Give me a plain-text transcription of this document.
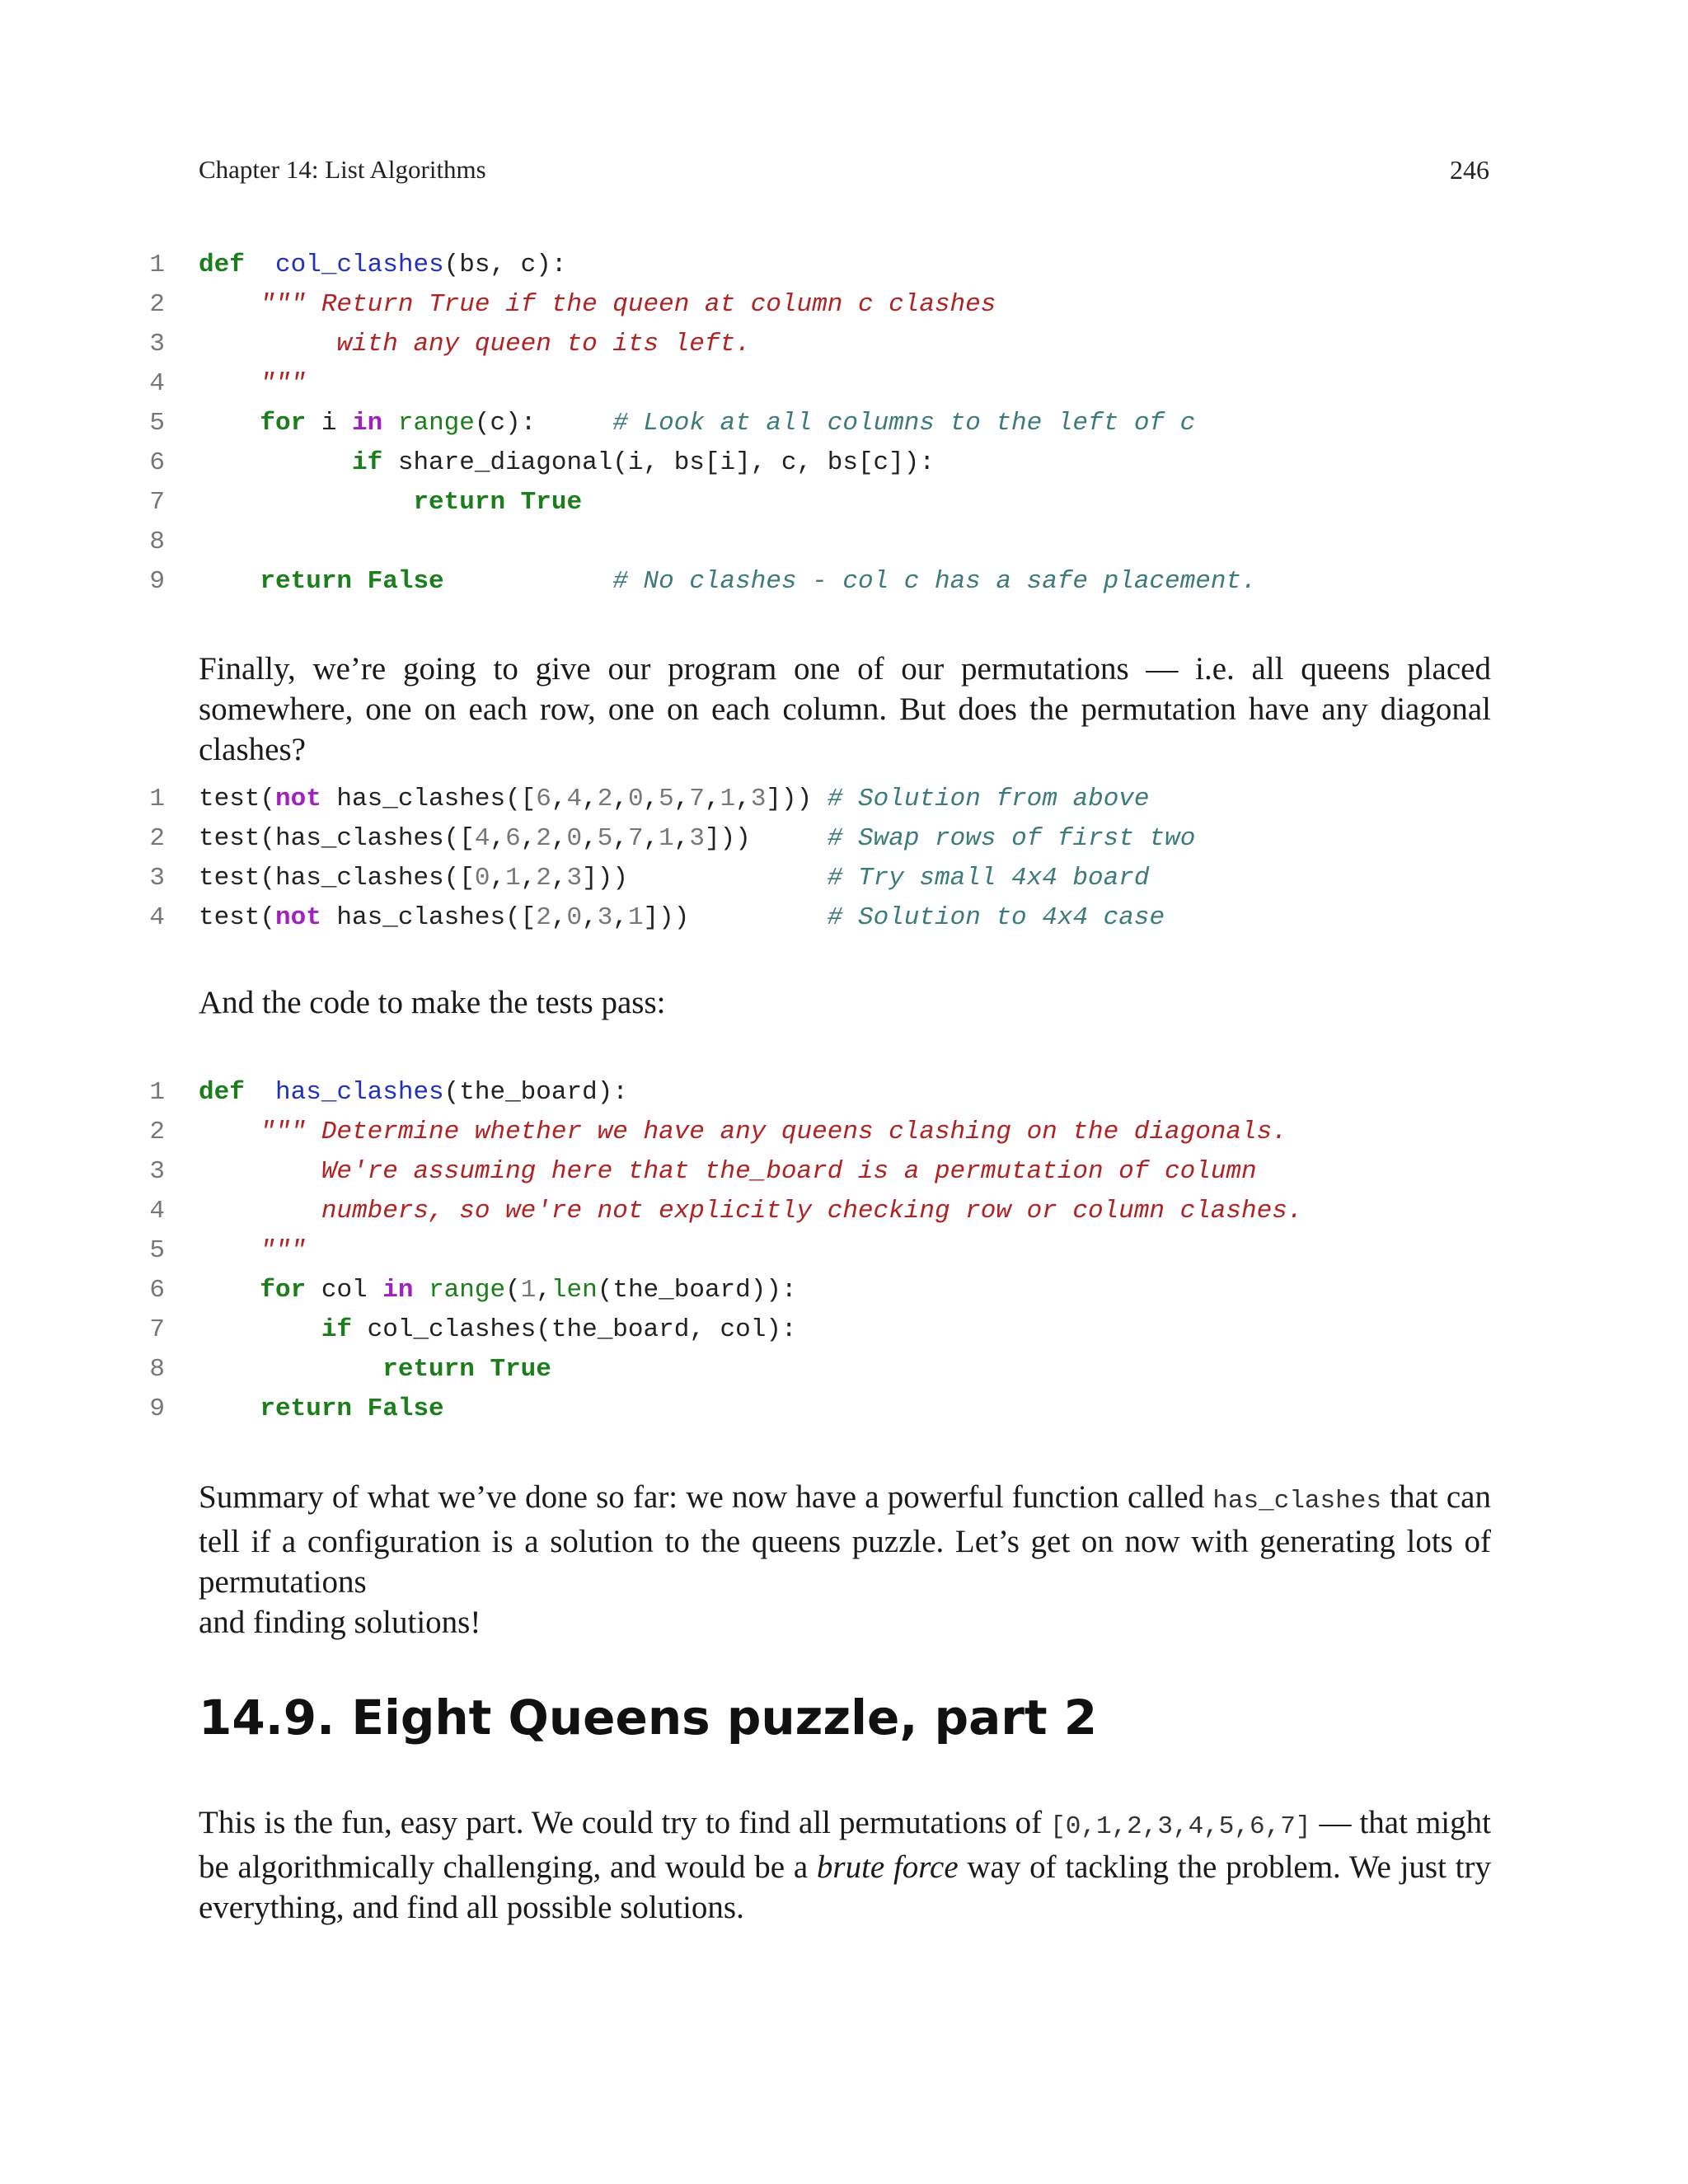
Chapter 14: List Algorithms	246
1 def col_clashes(bs, c):
2	""" Return True if the queen at column c clashes
3	with any queen to its left.
4	"""
5	for i in range(c):     # Look at all columns to the left of c
6	if share_diagonal(i, bs[i], c, bs[c]):
7	return True
8
9	return False	# No clashes - col c has a safe placement.
Finally, we’re going to give our program one of our permutations — i.e. all queens placed somewhere, one on each row, one on each column. But does the permutation have any diagonal clashes?
1 test(not has_clashes([6,4,2,0,5,7,1,3])) # Solution from above
2 test(has_clashes([4,6,2,0,5,7,1,3]))     # Swap rows of first two
3 test(has_clashes([0,1,2,3]))             # Try small 4x4 board
4 test(not has_clashes([2,0,3,1]))         # Solution to 4x4 case
And the code to make the tests pass:
1 def has_clashes(the_board):
2	""" Determine whether we have any queens clashing on the diagonals.
3	We're assuming here that the_board is a permutation of column
4	numbers, so we're not explicitly checking row or column clashes.
5	"""
6	for col in range(1,len(the_board)):
7	if col_clashes(the_board, col):
8	return True
9	return False
Summary of what we’ve done so far: we now have a powerful function called has_clashes that can tell if a configuration is a solution to the queens puzzle. Let’s get on now with generating lots of permutations
and finding solutions!
14.9. Eight Queens puzzle, part 2
This is the fun, easy part. We could try to find all permutations of [0,1,2,3,4,5,6,7] — that might be algorithmically challenging, and would be a brute force way of tackling the problem. We just try everything, and find all possible solutions.
